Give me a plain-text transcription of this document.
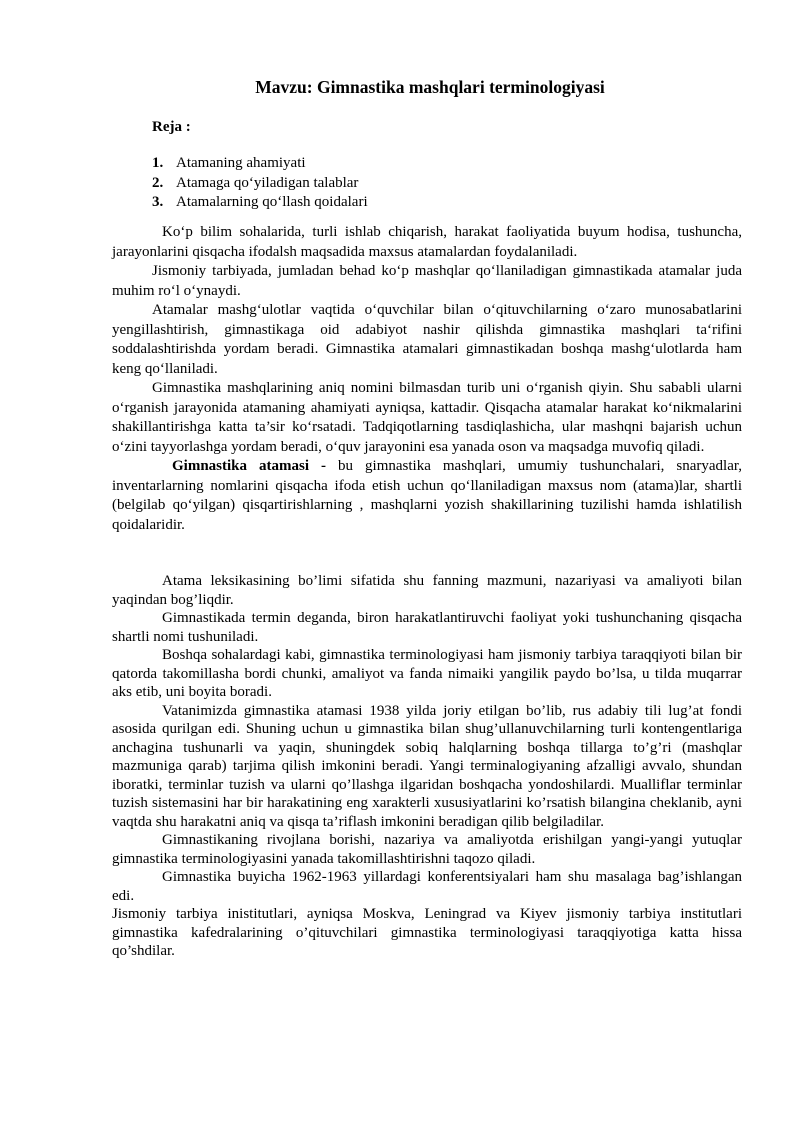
Mavzu: Gimnastika mashqlari terminologiyasi
Reja :
1. Atamaning ahamiyati
2. Atamaga qo‘yiladigan talablar
3. Atamalarning qo‘llash qoidalari

Ko‘p bilim sohalarida, turli ishlab chiqarish, harakat faoliyatida buyum hodisa, tushuncha, jarayonlarini qisqacha ifodalsh maqsadida maxsus atamalardan foydalaniladi.

Jismoniy tarbiyada, jumladan behad ko‘p mashqlar qo‘llaniladigan gimnastikada atamalar juda muhim ro‘l o‘ynaydi.

Atamalar mashg‘ulotlar vaqtida o‘quvchilar bilan o‘qituvchilarning o‘zaro munosabatlarini yengillashtirish, gimnastikaga oid adabiyot nashir qilishda gimnastika mashqlari ta‘rifini soddalashtirishda yordam beradi. Gimnastika atamalari gimnastikadan boshqa mashg‘ulotlarda ham keng qo‘llaniladi.

Gimnastika mashqlarining aniq nomini bilmasdan turib uni o‘rganish qiyin. Shu sababli ularni o‘rganish jarayonida atamaning ahamiyati ayniqsa, kattadir. Qisqacha atamalar harakat ko‘nikmalarini shakillantirishga katta ta’sir ko‘rsatadi. Tadqiqotlarning tasdiqlashicha, ular mashqni bajarish uchun o‘zini tayyorlashga yordam beradi, o‘quv jarayonini esa yanada oson va maqsadga muvofiq qiladi.

Gimnastika atamasi - bu gimnastika mashqlari, umumiy tushunchalari, snaryadlar, inventarlarning nomlarini qisqacha ifoda etish uchun qo‘llaniladigan maxsus nom (atama)lar, shartli (belgilab qo‘yilgan) qisqartirishlarning , mashqlarni yozish shakillarining tuzilishi hamda ishlatilish qoidalaridir.

Atama leksikasining bo’limi sifatida shu fanning mazmuni, nazariyasi va amaliyoti bilan yaqindan bog’liqdir.

Gimnastikada termin deganda, biron harakatlantiruvchi faoliyat yoki tushunchaning qisqacha shartli nomi tushuniladi.

Boshqa sohalardagi kabi, gimnastika terminologiyasi ham jismoniy tarbiya taraqqiyoti bilan bir qatorda takomillasha bordi chunki, amaliyot va fanda nimaiki yangilik paydo bo’lsa, u tilda muqarrar aks etib, uni boyita boradi.

Vatanimizda gimnastika atamasi 1938 yilda joriy etilgan bo’lib, rus adabiy tili lug’at fondi asosida qurilgan edi. Shuning uchun u gimnastika bilan shug’ullanuvchilarning turli kontengentlariga anchagina tushunarli va yaqin, shuningdek sobiq halqlarning boshqa tillarga to’g’ri (mashqlar mazmuniga qarab) tarjima qilish imkonini beradi. Yangi terminalogiyaning afzalligi avvalo, shundan iboratki, terminlar tuzish va ularni qo’llashga ilgaridan boshqacha yondoshilardi. Mualliflar terminlar tuzish sistemasini har bir harakatining eng xarakterli xususiyatlarini ko’rsatish bilangina cheklanib, ayni vaqtda shu harakatni aniq va qisqa ta’riflash imkonini beradigan qilib belgiladilar.

Gimnastikaning rivojlana borishi, nazariya va amaliyotda erishilgan yangi-yangi yutuqlar gimnastika terminologiyasini yanada takomillashtirishni taqozo qiladi.

Gimnastika buyicha 1962-1963 yillardagi konferentsiyalari ham shu masalaga bag’ishlangan edi.

Jismoniy tarbiya inistitutlari, ayniqsa Moskva, Leningrad va Kiyev jismoniy tarbiya institutlari gimnastika kafedralarining o’qituvchilari gimnastika terminologiyasi taraqqiyotiga katta hissa qo’shdilar.
